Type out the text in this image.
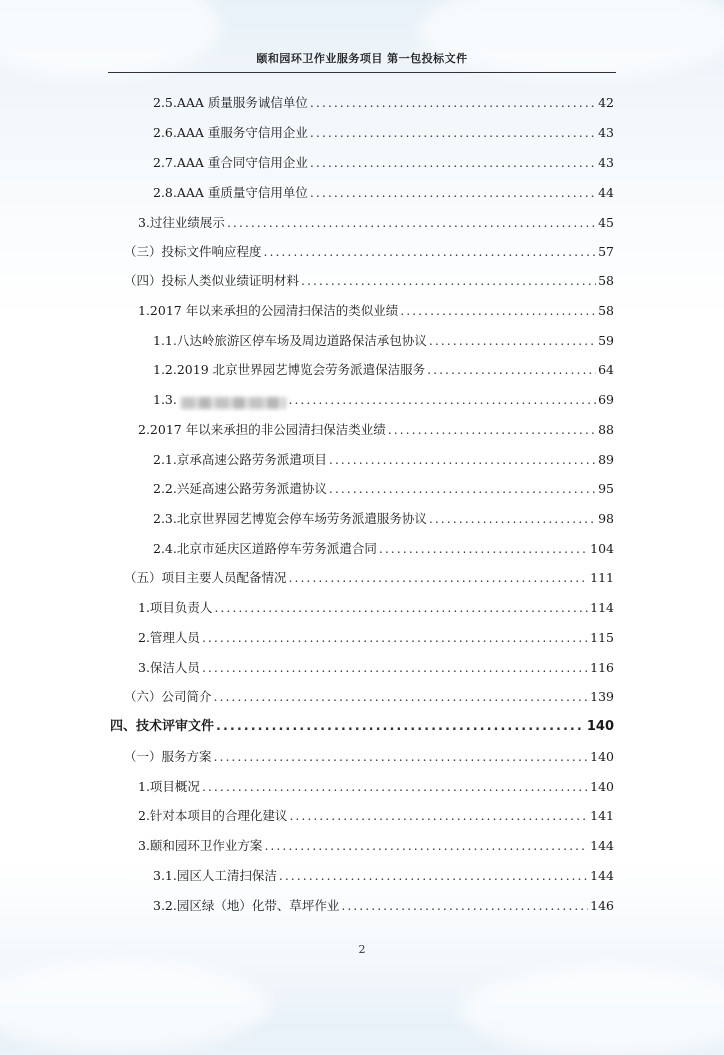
颐和园环卫作业服务项目 第一包投标文件
2.5.AAA 质量服务诚信单位 .....	42
2.6.AAA 重服务守信用企业 .....	43
2.7.AAA 重合同守信用企业 .....	43
2.8.AAA 重质量守信用单位 .....	44
3.过往业绩展示 .....	45
（三）投标文件响应程度 .....	57
（四）投标人类似业绩证明材料 .....	58
1.2017 年以来承担的公园清扫保洁的类似业绩 .....	58
1.1.八达岭旅游区停车场及周边道路保洁承包协议 .....	59
1.2.2019 北京世界园艺博览会劳务派遣保洁服务 .....	64
1.3. .....	69
2.2017 年以来承担的非公园清扫保洁类业绩 .....	88
2.1.京承高速公路劳务派遣项目 .....	89
2.2.兴延高速公路劳务派遣协议 .....	95
2.3.北京世界园艺博览会停车场劳务派遣服务协议 .....	98
2.4.北京市延庆区道路停车劳务派遣合同 .....	104
（五）项目主要人员配备情况 .....	111
1.项目负责人 .....	114
2.管理人员 .....	115
3.保洁人员 .....	116
（六）公司简介 .....	139
四、技术评审文件 .....	140
（一）服务方案 .....	140
1.项目概况 .....	140
2.针对本项目的合理化建议 .....	141
3.颐和园环卫作业方案 .....	144
3.1.园区人工清扫保洁 .....	144
3.2.园区绿（地）化带、草坪作业 .....	146
2
